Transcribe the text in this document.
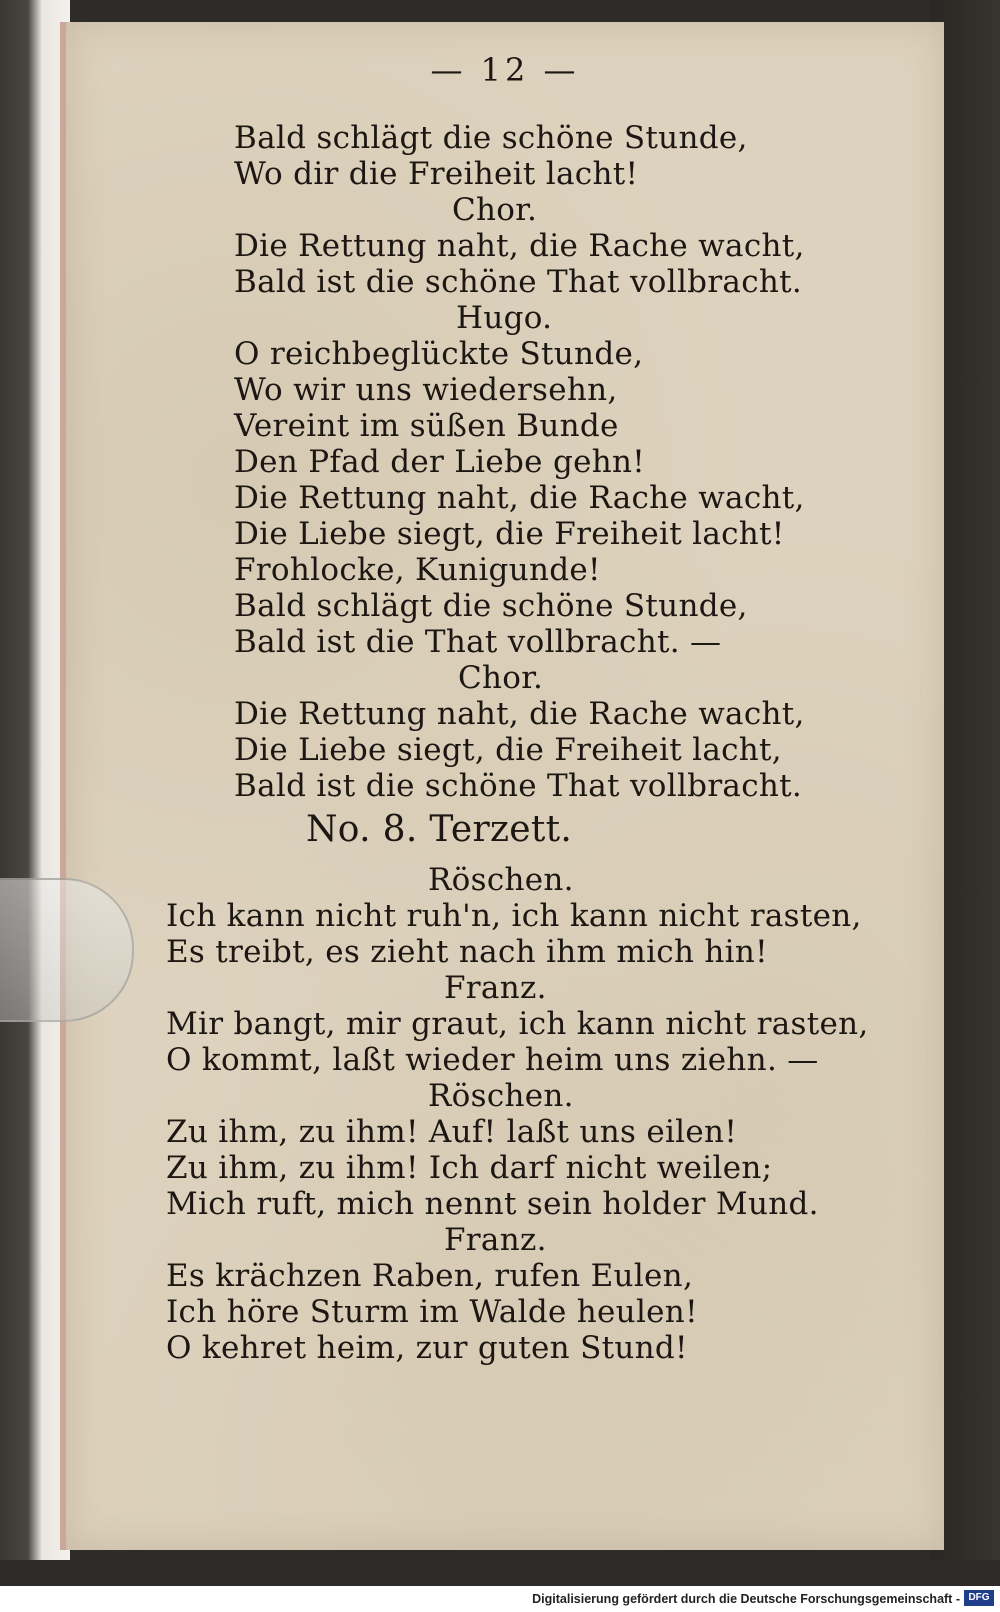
— 12 —
Bald schlägt die schöne Stunde,
Wo dir die Freiheit lacht!
Chor.
Die Rettung naht, die Rache wacht,
Bald ist die schöne That vollbracht.
Hugo.
O reichbeglückte Stunde,
Wo wir uns wiedersehn,
Vereint im süßen Bunde
Den Pfad der Liebe gehn!
Die Rettung naht, die Rache wacht,
Die Liebe siegt, die Freiheit lacht!
Frohlocke, Kunigunde!
Bald schlägt die schöne Stunde,
Bald ist die That vollbracht. —
Chor.
Die Rettung naht, die Rache wacht,
Die Liebe siegt, die Freiheit lacht,
Bald ist die schöne That vollbracht.
No. 8. Terzett.
Röschen.
Ich kann nicht ruh'n, ich kann nicht rasten,
Es treibt, es zieht nach ihm mich hin!
Franz.
Mir bangt, mir graut, ich kann nicht rasten,
O kommt, laßt wieder heim uns ziehn. —
Röschen.
Zu ihm, zu ihm! Auf! laßt uns eilen!
Zu ihm, zu ihm! Ich darf nicht weilen;
Mich ruft, mich nennt sein holder Mund.
Franz.
Es krächzen Raben, rufen Eulen,
Ich höre Sturm im Walde heulen!
O kehret heim, zur guten Stund!
Digitalisierung gefördert durch die Deutsche Forschungsgemeinschaft - DFG
